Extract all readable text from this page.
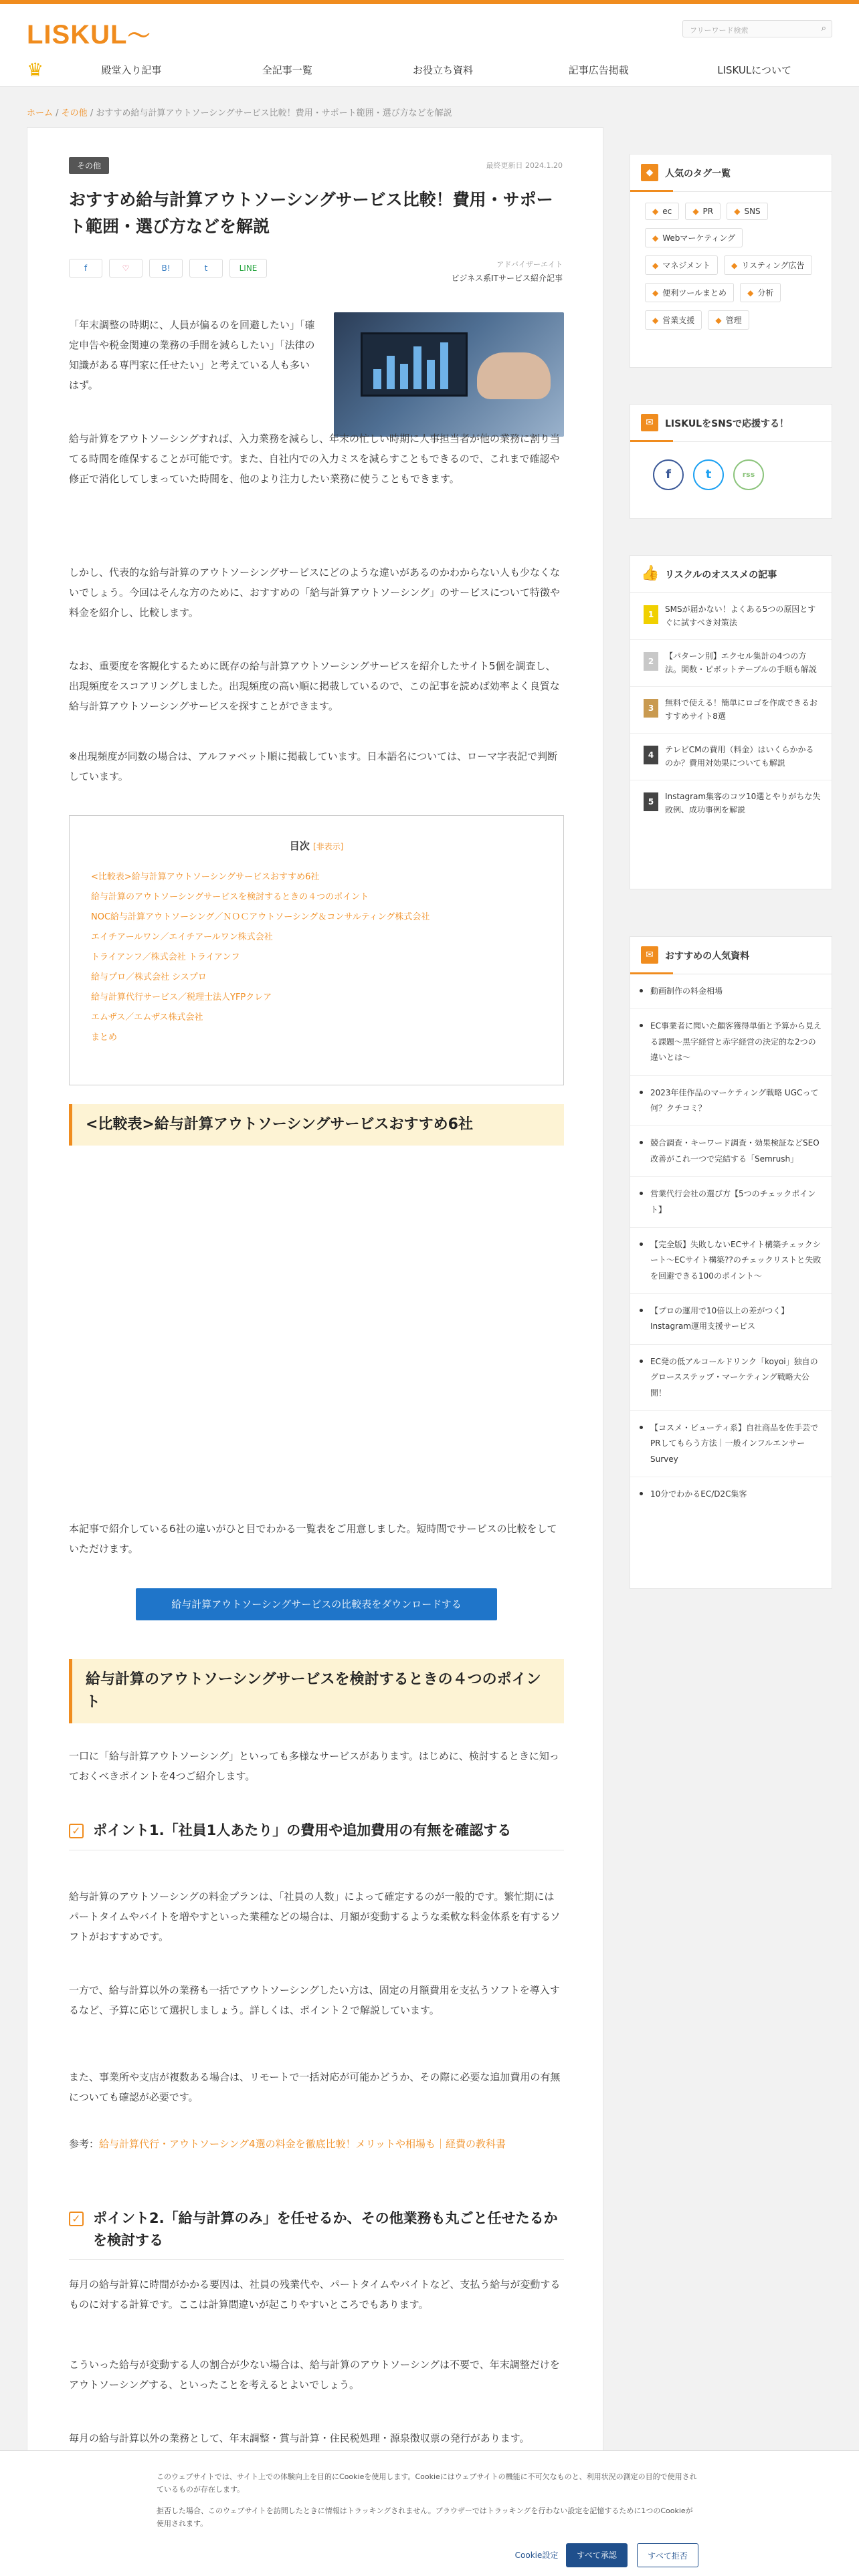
LISKUL〜	フリーワード検索	⌕
♛	殿堂入り記事	全記事一覧	お役立ち資料	記事広告掲載	LISKULについて
ホーム / その他 / おすすめ給与計算アウトソーシングサービス比較！費用・サポート範囲・選び方などを解説
その他	最終更新日 2024.1.20
おすすめ給与計算アウトソーシングサービス比較！費用・サポート範囲・選び方などを解説
f	♡	B!	t	LINE	アドバイザーエイト
ビジネス系ITサービス紹介記事

「年末調整の時期に、人員が偏るのを回避したい」「確定申告や税金関連の業務の手間を減らしたい」「法律の知識がある専門家に任せたい」と考えている人も多いはず。

給与計算をアウトソーシングすれば、入力業務を減らし、年末の忙しい時期に人事担当者が他の業務に割り当てる時間を確保することが可能です。また、自社内での入力ミスを減らすこともできるので、これまで確認や修正で消化してしまっていた時間を、他のより注力したい業務に使うこともできます。

しかし、代表的な給与計算のアウトソーシングサービスにどのような違いがあるのかわからない人も少なくないでしょう。今回はそんな方のために、おすすめの「給与計算アウトソーシング」のサービスについて特徴や料金を紹介し、比較します。

なお、重要度を客観化するために既存の給与計算アウトソーシングサービスを紹介したサイト5個を調査し、出現頻度をスコアリングしました。出現頻度の高い順に掲載しているので、この記事を読めば効率よく良質な給与計算アウトソーシングサービスを探すことができます。

※出現頻度が同数の場合は、アルファベット順に掲載しています。日本語名については、ローマ字表記で判断しています。

目次 [非表示]
<比較表>給与計算アウトソーシングサービスおすすめ6社
給与計算のアウトソーシングサービスを検討するときの４つのポイント
NOC給与計算アウトソーシング／ＮＯＣアウトソーシング＆コンサルティング株式会社
エイチアールワン／エイチアールワン株式会社
トライアンフ／株式会社 トライアンフ
給与プロ／株式会社 シスプロ
給与計算代行サービス／税理士法人YFPクレア
エムザス／エムザス株式会社
まとめ
<比較表>給与計算アウトソーシングサービスおすすめ6社

本記事で紹介している6社の違いがひと目でわかる一覧表をご用意しました。短時間でサービスの比較をしていただけます。

給与計算アウトソーシングサービスの比較表をダウンロードする
給与計算のアウトソーシングサービスを検討するときの４つのポイント

一口に「給与計算アウトソーシング」といっても多様なサービスがあります。はじめに、検討するときに知っておくべきポイントを4つご紹介します。

✓ ポイント1.「社員1人あたり」の費用や追加費用の有無を確認する

給与計算のアウトソーシングの料金プランは、「社員の人数」によって確定するのが一般的です。繁忙期にはパートタイムやバイトを増やすといった業種などの場合は、月額が変動するような柔軟な料金体系を有するソフトがおすすめです。

一方で、給与計算以外の業務も一括でアウトソーシングしたい方は、固定の月額費用を支払うソフトを導入するなど、予算に応じて選択しましょう。詳しくは、ポイント２で解説しています。

また、事業所や支店が複数ある場合は、リモートで一括対応が可能かどうか、その際に必要な追加費用の有無についても確認が必要です。

参考：給与計算代行・アウトソーシング4選の料金を徹底比較！メリットや相場も｜経費の教科書

✓ ポイント2.「給与計算のみ」を任せるか、その他業務も丸ごと任せたるかを検討する

毎月の給与計算に時間がかかる要因は、社員の残業代や、パートタイムやバイトなど、支払う給与が変動するものに対する計算です。ここは計算間違いが起こりやすいところでもあります。

こういった給与が変動する人の割合が少ない場合は、給与計算のアウトソーシングは不要で、年末調整だけをアウトソーシングする、といったことを考えるとよいでしょう。

毎月の給与計算以外の業務として、年末調整・賞与計算・住民税処理・源泉徴収票の発行があります。

◆	人気のタグ一覧
◆ ec	◆ PR	◆ SNS ◆ Webマーケティング ◆ マネジメント	◆ リスティング広告 ◆ 便利ツールまとめ	◆ 分析 ◆ 営業支援	◆ 管理
✉	LISKULをSNSで応援する！
f	t	rss
👍 リスクルのオススメの記事
1
SMSが届かない！よくある5つの原因とすぐに試すべき対策法
2
【パターン別】エクセル集計の4つの方法。関数・ピボットテーブルの手順も解説
3
無料で使える！簡単にロゴを作成できるおすすめサイト8選
4
テレビCMの費用（料金）はいくらかかるのか？費用対効果についても解説
5
Instagram集客のコツ10選とやりがちな失敗例、成功事例を解説
✉	おすすめの人気資料
動画制作の料金相場
EC事業者に聞いた顧客獲得単価と予算から見える課題〜黒字経営と赤字経営の決定的な2つの違いとは〜
2023年佳作品のマーケティング戦略 UGCって何？クチコミ？
競合調査・キーワード調査・効果検証などSEO改善がこれ一つで完結する「Semrush」
営業代行会社の選び方【5つのチェックポイント】
【完全版】失敗しないECサイト構築チェックシート〜ECサイト構築??のチェックリストと失敗を回避できる100のポイント〜
【プロの運用で10倍以上の差がつく】Instagram運用支援サービス
EC発の低アルコールドリンク「koyoi」独自のグロースステップ・マーケティング戦略大公開！
【コスメ・ビューティ系】自社商品を佐手芸でPRしてもらう方法｜一般インフルエンサーSurvey
10分でわかるEC/D2C集客

このウェブサイトでは、サイト上での体験向上を目的にCookieを使用します。Cookieにはウェブサイトの機能に不可欠なものと、利用状況の測定の目的で使用されているものが存在します。

拒否した場合、このウェブサイトを訪問したときに情報はトラッキングされません。ブラウザーではトラッキングを行わない設定を記憶するために1つのCookieが使用されます。

Cookie設定	すべて承認	すべて拒否
